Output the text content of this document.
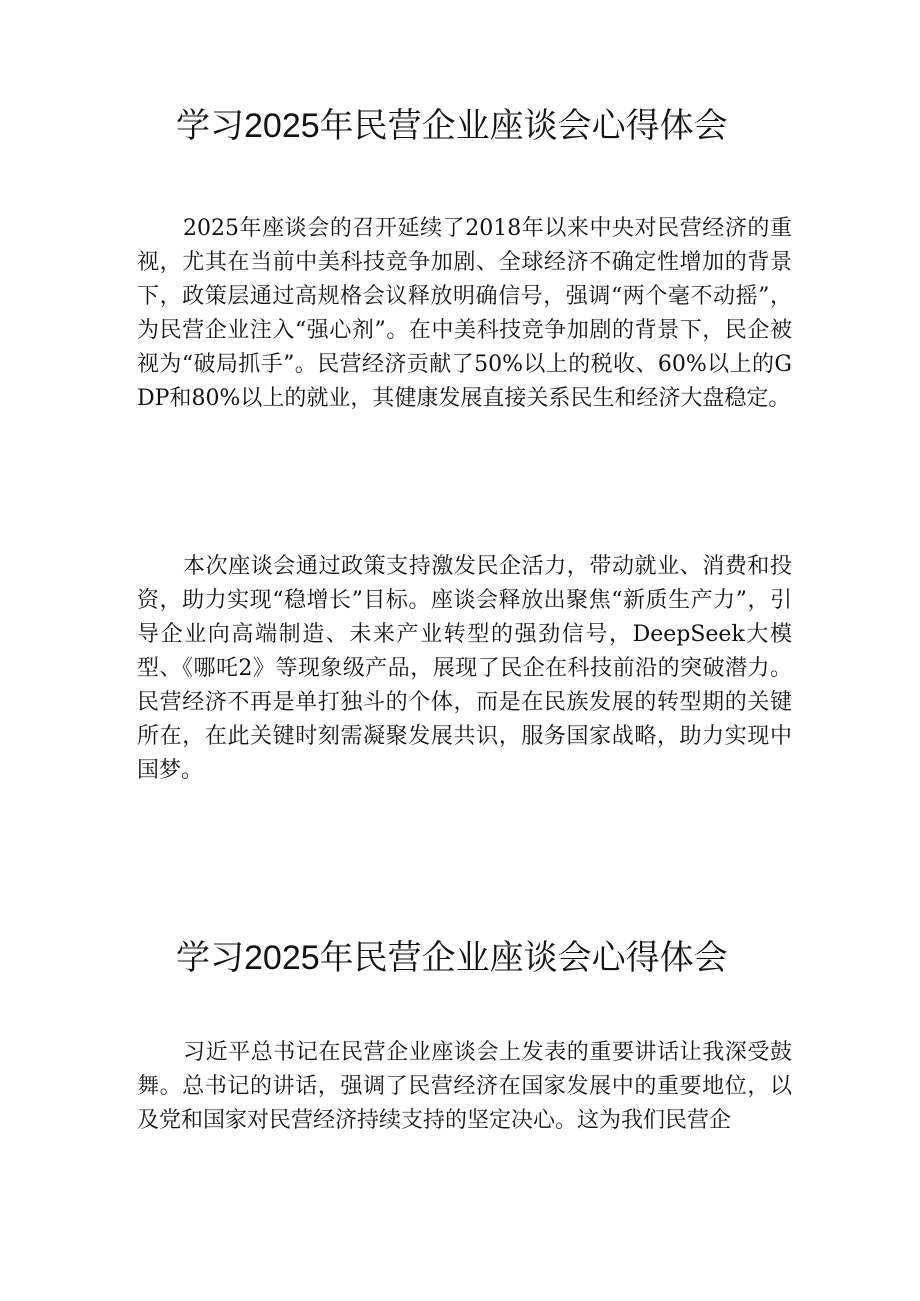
学习2025年民营企业座谈会心得体会

2025年座谈会的召开延续了2018年以来中央对民营经济的重视，尤其在当前中美科技竞争加剧、全球经济不确定性增加的背景下，政策层通过高规格会议释放明确信号，强调“两个毫不动摇”，为民营企业注入“强心剂”。在中美科技竞争加剧的背景下，民企被视为“破局抓手”。民营经济贡献了50%以上的税收、60%以上的GDP和80%以上的就业，其健康发展直接关系民生和经济大盘稳定。

本次座谈会通过政策支持激发民企活力，带动就业、消费和投资，助力实现“稳增长”目标。座谈会释放出聚焦“新质生产力”，引导企业向高端制造、未来产业转型的强劲信号，DeepSeek大模型、《哪吒2》等现象级产品，展现了民企在科技前沿的突破潜力。民营经济不再是单打独斗的个体，而是在民族发展的转型期的关键所在，在此关键时刻需凝聚发展共识，服务国家战略，助力实现中国梦。

学习2025年民营企业座谈会心得体会

习近平总书记在民营企业座谈会上发表的重要讲话让我深受鼓舞。总书记的讲话，强调了民营经济在国家发展中的重要地位，以及党和国家对民营经济持续支持的坚定决心。这为我们民营企
